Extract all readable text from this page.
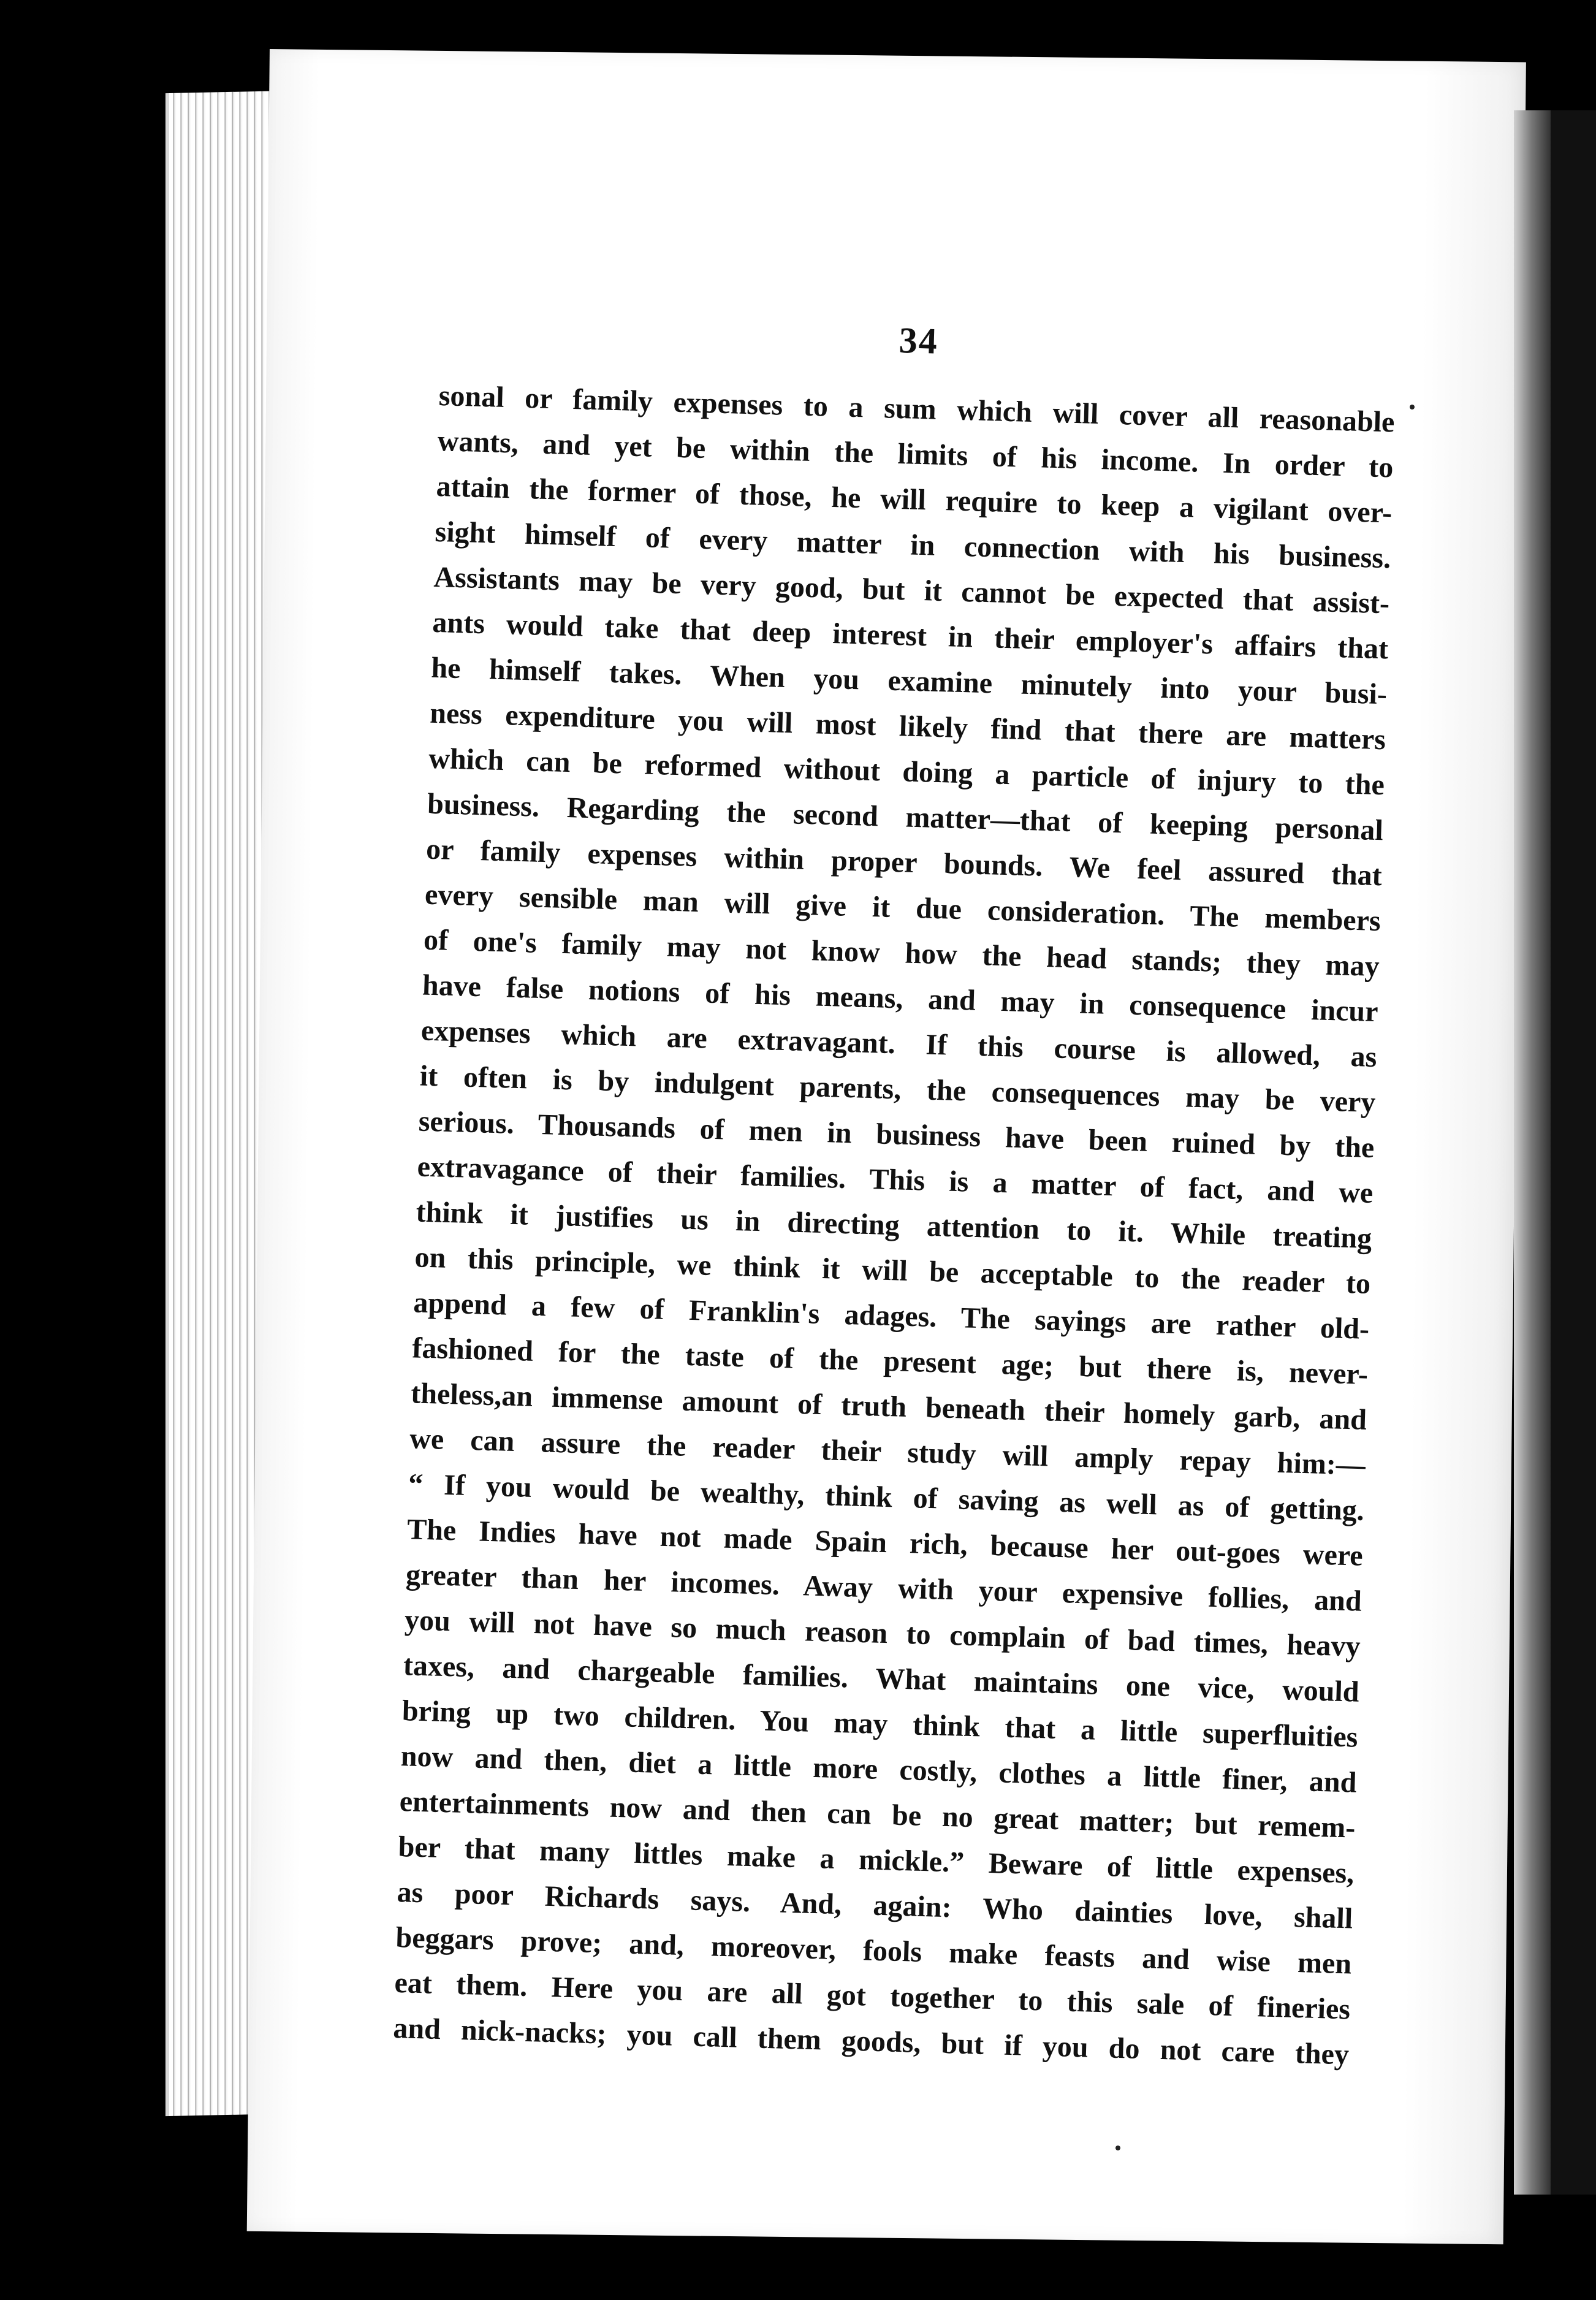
34
sonal or family expenses to a sum which will cover all reasonable
wants, and yet be within the limits of his income. In order to
attain the former of those, he will require to keep a vigilant over-
sight himself of every matter in connection with his business.
Assistants may be very good, but it cannot be expected that assist-
ants would take that deep interest in their employer's affairs that
he himself takes. When you examine minutely into your busi-
ness expenditure you will most likely find that there are matters
which can be reformed without doing a particle of injury to the
business. Regarding the second matter—that of keeping personal
or family expenses within proper bounds. We feel assured that
every sensible man will give it due consideration. The members
of one's family may not know how the head stands; they may
have false notions of his means, and may in consequence incur
expenses which are extravagant. If this course is allowed, as
it often is by indulgent parents, the consequences may be very
serious. Thousands of men in business have been ruined by the
extravagance of their families. This is a matter of fact, and we
think it justifies us in directing attention to it. While treating
on this principle, we think it will be acceptable to the reader to
append a few of Franklin's adages. The sayings are rather old-
fashioned for the taste of the present age; but there is, never-
theless,an immense amount of truth beneath their homely garb, and
we can assure the reader their study will amply repay him:—
“ If you would be wealthy, think of saving as well as of getting.
The Indies have not made Spain rich, because her out-goes were
greater than her incomes. Away with your expensive follies, and
you will not have so much reason to complain of bad times, heavy
taxes, and chargeable families. What maintains one vice, would
bring up two children. You may think that a little superfluities
now and then, diet a little more costly, clothes a little finer, and
entertainments now and then can be no great matter; but remem-
ber that many littles make a mickle.” Beware of little expenses,
as poor Richards says. And, again: Who dainties love, shall
beggars prove; and, moreover, fools make feasts and wise men
eat them. Here you are all got together to this sale of fineries
and nick-nacks; you call them goods, but if you do not care they
